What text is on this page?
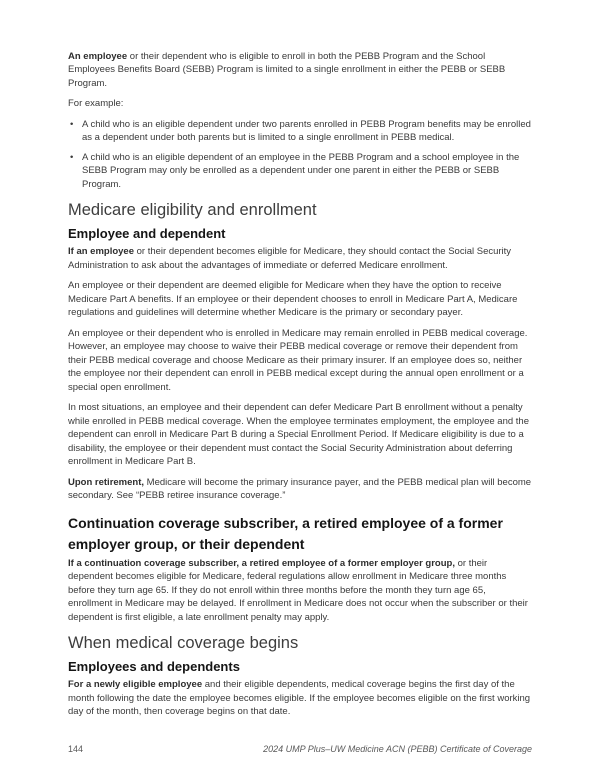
An employee or their dependent who is eligible to enroll in both the PEBB Program and the School Employees Benefits Board (SEBB) Program is limited to a single enrollment in either the PEBB or SEBB Program.

For example:

• A child who is an eligible dependent under two parents enrolled in PEBB Program benefits may be enrolled as a dependent under both parents but is limited to a single enrollment in PEBB medical.
• A child who is an eligible dependent of an employee in the PEBB Program and a school employee in the SEBB Program may only be enrolled as a dependent under one parent in either the PEBB or SEBB Program.
Medicare eligibility and enrollment
Employee and dependent

If an employee or their dependent becomes eligible for Medicare, they should contact the Social Security Administration to ask about the advantages of immediate or deferred Medicare enrollment.

An employee or their dependent are deemed eligible for Medicare when they have the option to receive Medicare Part A benefits. If an employee or their dependent chooses to enroll in Medicare Part A, Medicare regulations and guidelines will determine whether Medicare is the primary or secondary payer.

An employee or their dependent who is enrolled in Medicare may remain enrolled in PEBB medical coverage. However, an employee may choose to waive their PEBB medical coverage or remove their dependent from their PEBB medical coverage and choose Medicare as their primary insurer. If an employee does so, neither the employee nor their dependent can enroll in PEBB medical except during the annual open enrollment or a special open enrollment.

In most situations, an employee and their dependent can defer Medicare Part B enrollment without a penalty while enrolled in PEBB medical coverage. When the employee terminates employment, the employee and the dependent can enroll in Medicare Part B during a Special Enrollment Period. If Medicare eligibility is due to a disability, the employee or their dependent must contact the Social Security Administration about deferring enrollment in Medicare Part B.

Upon retirement, Medicare will become the primary insurance payer, and the PEBB medical plan will become secondary. See “PEBB retiree insurance coverage.”

Continuation coverage subscriber, a retired employee of a former employer group, or their dependent

If a continuation coverage subscriber, a retired employee of a former employer group, or their dependent becomes eligible for Medicare, federal regulations allow enrollment in Medicare three months before they turn age 65. If they do not enroll within three months before the month they turn age 65, enrollment in Medicare may be delayed. If enrollment in Medicare does not occur when the subscriber or their dependent is first eligible, a late enrollment penalty may apply.

When medical coverage begins
Employees and dependents

For a newly eligible employee and their eligible dependents, medical coverage begins the first day of the month following the date the employee becomes eligible. If the employee becomes eligible on the first working day of the month, then coverage begins on that date.

144	2024 UMP Plus–UW Medicine ACN (PEBB) Certificate of Coverage
